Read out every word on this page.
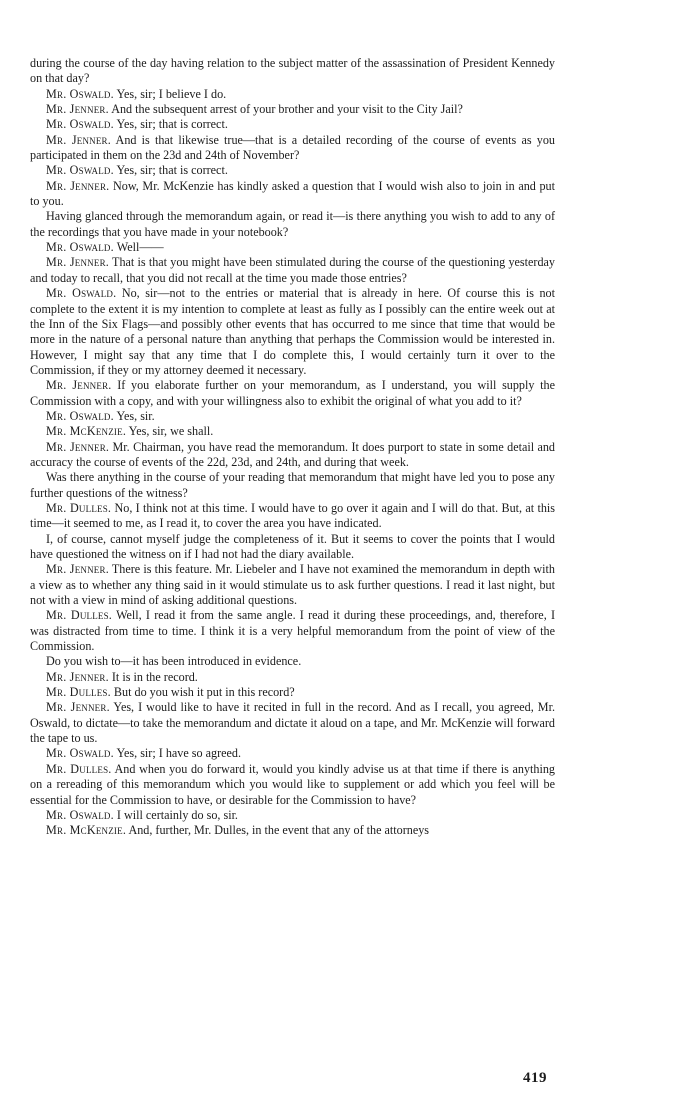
during the course of the day having relation to the subject matter of the assassination of President Kennedy on that day?

Mr. Oswald. Yes, sir; I believe I do.

Mr. Jenner. And the subsequent arrest of your brother and your visit to the City Jail?

Mr. Oswald. Yes, sir; that is correct.

Mr. Jenner. And is that likewise true—that is a detailed recording of the course of events as you participated in them on the 23d and 24th of November?

Mr. Oswald. Yes, sir; that is correct.

Mr. Jenner. Now, Mr. McKenzie has kindly asked a question that I would wish also to join in and put to you.

Having glanced through the memorandum again, or read it—is there anything you wish to add to any of the recordings that you have made in your notebook?

Mr. Oswald. Well——

Mr. Jenner. That is that you might have been stimulated during the course of the questioning yesterday and today to recall, that you did not recall at the time you made those entries?

Mr. Oswald. No, sir—not to the entries or material that is already in here. Of course this is not complete to the extent it is my intention to complete at least as fully as I possibly can the entire week out at the Inn of the Six Flags—and possibly other events that has occurred to me since that time that would be more in the nature of a personal nature than anything that perhaps the Commission would be interested in. However, I might say that any time that I do complete this, I would certainly turn it over to the Commission, if they or my attorney deemed it necessary.

Mr. Jenner. If you elaborate further on your memorandum, as I understand, you will supply the Commission with a copy, and with your willingness also to exhibit the original of what you add to it?

Mr. Oswald. Yes, sir.

Mr. McKenzie. Yes, sir, we shall.

Mr. Jenner. Mr. Chairman, you have read the memorandum. It does purport to state in some detail and accuracy the course of events of the 22d, 23d, and 24th, and during that week.

Was there anything in the course of your reading that memorandum that might have led you to pose any further questions of the witness?

Mr. Dulles. No, I think not at this time. I would have to go over it again and I will do that. But, at this time—it seemed to me, as I read it, to cover the area you have indicated.

I, of course, cannot myself judge the completeness of it. But it seems to cover the points that I would have questioned the witness on if I had not had the diary available.

Mr. Jenner. There is this feature. Mr. Liebeler and I have not examined the memorandum in depth with a view as to whether any thing said in it would stimulate us to ask further questions. I read it last night, but not with a view in mind of asking additional questions.

Mr. Dulles. Well, I read it from the same angle. I read it during these proceedings, and, therefore, I was distracted from time to time. I think it is a very helpful memorandum from the point of view of the Commission.

Do you wish to—it has been introduced in evidence.

Mr. Jenner. It is in the record.

Mr. Dulles. But do you wish it put in this record?

Mr. Jenner. Yes, I would like to have it recited in full in the record. And as I recall, you agreed, Mr. Oswald, to dictate—to take the memorandum and dictate it aloud on a tape, and Mr. McKenzie will forward the tape to us.

Mr. Oswald. Yes, sir; I have so agreed.

Mr. Dulles. And when you do forward it, would you kindly advise us at that time if there is anything on a rereading of this memorandum which you would like to supplement or add which you feel will be essential for the Commission to have, or desirable for the Commission to have?

Mr. Oswald. I will certainly do so, sir.

Mr. McKenzie. And, further, Mr. Dulles, in the event that any of the attorneys

419
